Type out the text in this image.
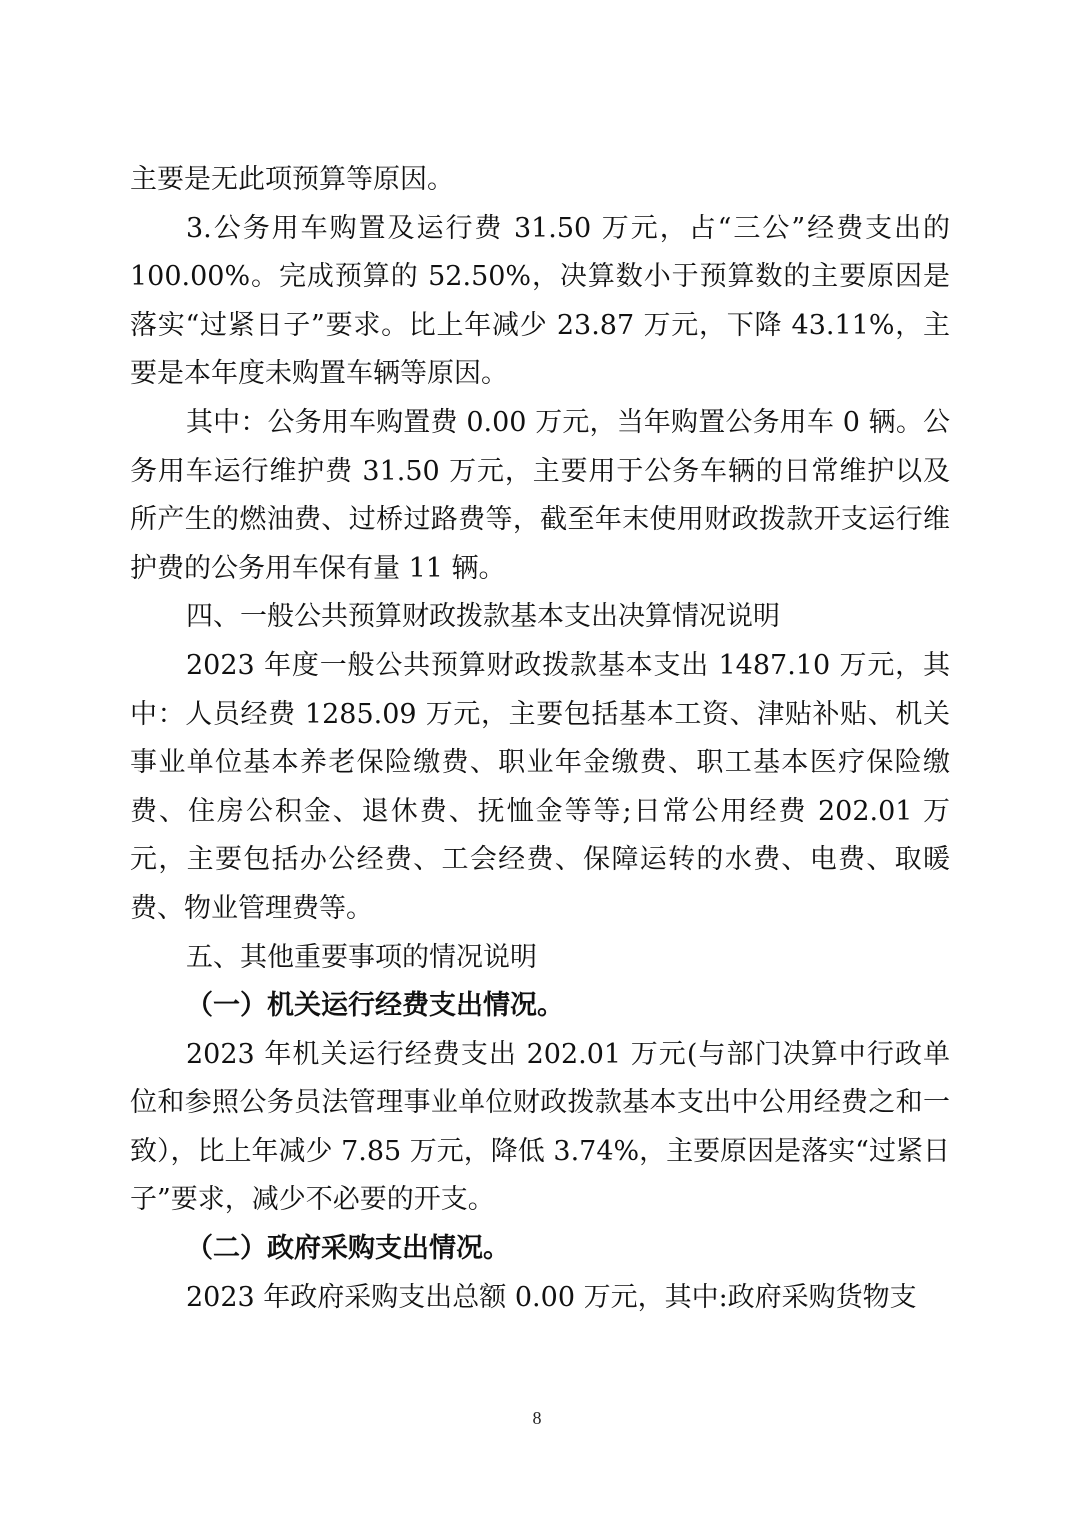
主要是无此项预算等原因。

3.公务用车购置及运行费 31.50 万元，占“三公”经费支出的 100.00%。完成预算的 52.50%，决算数小于预算数的主要原因是落实“过紧日子”要求。比上年减少 23.87 万元，下降 43.11%，主要是本年度未购置车辆等原因。

其中：公务用车购置费 0.00 万元，当年购置公务用车 0 辆。公务用车运行维护费 31.50 万元，主要用于公务车辆的日常维护以及所产生的燃油费、过桥过路费等，截至年末使用财政拨款开支运行维护费的公务用车保有量 11 辆。

四、一般公共预算财政拨款基本支出决算情况说明

2023 年度一般公共预算财政拨款基本支出 1487.10 万元，其中：人员经费 1285.09 万元，主要包括基本工资、津贴补贴、机关事业单位基本养老保险缴费、职业年金缴费、职工基本医疗保险缴费、住房公积金、退休费、抚恤金等等;日常公用经费 202.01 万元，主要包括办公经费、工会经费、保障运转的水费、电费、取暖费、物业管理费等。

五、其他重要事项的情况说明

（一）机关运行经费支出情况。

2023 年机关运行经费支出 202.01 万元(与部门决算中行政单位和参照公务员法管理事业单位财政拨款基本支出中公用经费之和一致），比上年减少 7.85 万元，降低 3.74%，主要原因是落实“过紧日子”要求，减少不必要的开支。

（二）政府采购支出情况。

2023 年政府采购支出总额 0.00 万元，其中:政府采购货物支

8
